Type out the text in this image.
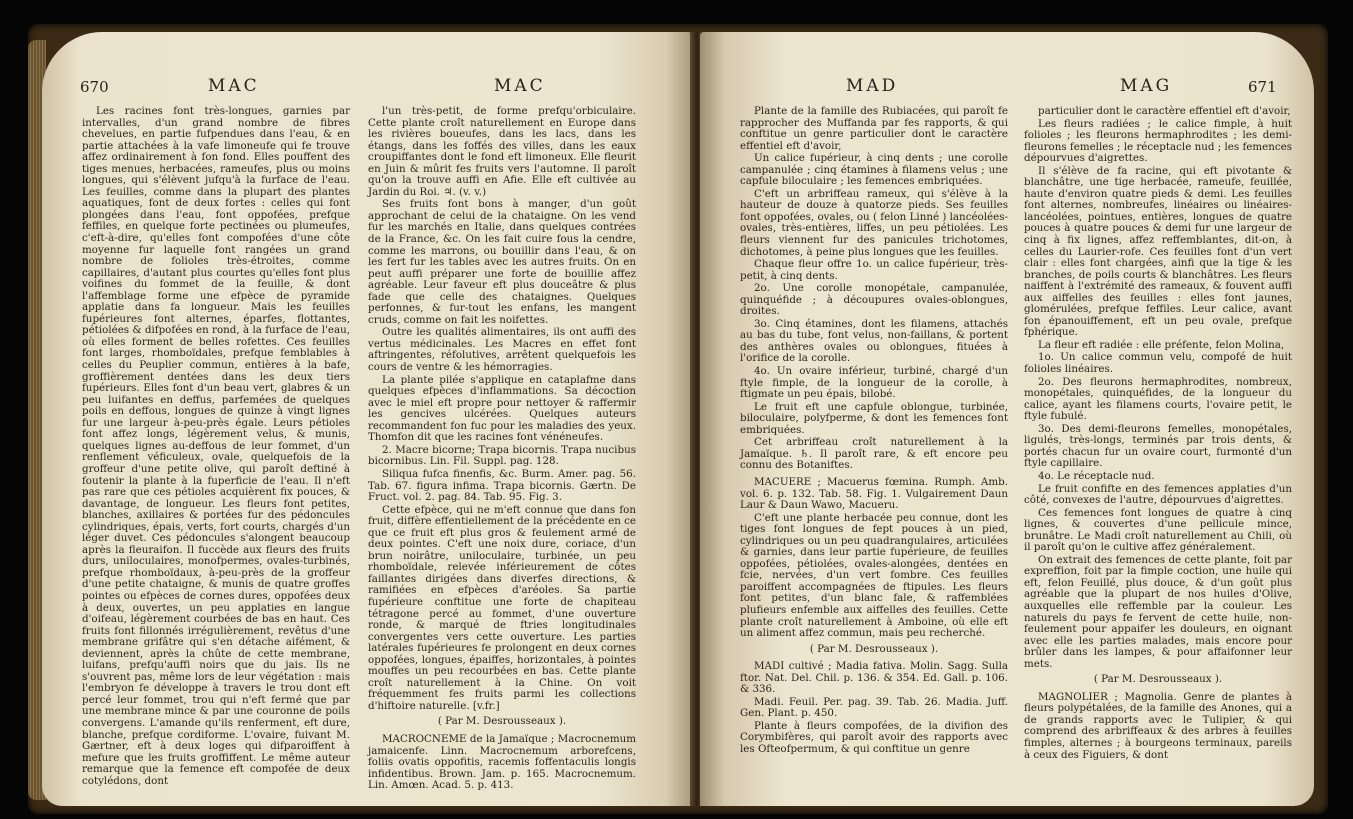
670	MAC	MAC

Les racines font très-longues, garnies par intervalles, d'un grand nombre de fibres chevelues, en partie fufpendues dans l'eau, & en partie attachées à la vafe limoneufe qui fe trouve affez ordinairement à fon fond. Elles pouffent des tiges menues, herbacées, rameufes, plus ou moins longues, qui s'élèvent jufqu'à la furface de l'eau. Les feuilles, comme dans la plupart des plantes aquatiques, font de deux fortes : celles qui font plongées dans l'eau, font oppofées, prefque feffiles, en quelque forte pectinées ou plumeufes, c'eft-à-dire, qu'elles font compofées d'une côte moyenne fur laquelle font rangées un grand nombre de folioles très-étroites, comme capillaires, d'autant plus courtes qu'elles font plus voifines du fommet de la feuille, & dont l'affemblage forme une efpèce de pyramide applatie dans fa longueur. Mais les feuilles fupérieures font alternes, éparfes, flottantes, pétiolées & difpofées en rond, à la furface de l'eau, où elles forment de belles rofettes. Ces feuilles font larges, rhomboïdales, prefque femblables à celles du Peuplier commun, entières à la bafe, groffièrement dentées dans les deux tiers fupérieurs. Elles font d'un beau vert, glabres & un peu luifantes en deffus, parfemées de quelques poils en deffous, longues de quinze à vingt lignes fur une largeur à-peu-près égale. Leurs pétioles font affez longs, légèrement velus, & munis, quelques lignes au-deffous de leur fommet, d'un renflement véficuleux, ovale, quelquefois de la groffeur d'une petite olive, qui paroît deftiné à foutenir la plante à la fuperficie de l'eau. Il n'eft pas rare que ces pétioles acquièrent fix pouces, & davantage, de longueur. Les fleurs font petites, blanches, axillaires & portées fur des pédoncules cylindriques, épais, verts, fort courts, chargés d'un léger duvet. Ces pédoncules s'alongent beaucoup après la fleuraifon. Il fuccède aux fleurs des fruits durs, uniloculaires, monofpermes, ovales-turbinés, prefque rhomboïdaux, à-peu-près de la groffeur d'une petite chataigne, & munis de quatre groffes pointes ou efpèces de cornes dures, oppofées deux à deux, ouvertes, un peu applaties en langue d'oifeau, légèrement courbées de bas en haut. Ces fruits font fillonnés irrégulièrement, revêtus d'une membrane grifâtre qui s'en détache aifément, & deviennent, après la chûte de cette membrane, luifans, prefqu'auffi noirs que du jais. Ils ne s'ouvrent pas, même lors de leur végétation : mais l'embryon fe développe à travers le trou dont eft percé leur fommet, trou qui n'eft fermé que par une membrane mince & par une couronne de poils convergens. L'amande qu'ils renferment, eft dure, blanche, prefque cordiforme. L'ovaire, fuivant M. Gærtner, eft à deux loges qui difparoiffent à mefure que les fruits groffiffent. Le même auteur remarque que la femence eft compofée de deux cotylédons, dont

l'un très-petit, de forme prefqu'orbiculaire. Cette plante croît naturellement en Europe dans les rivières boueufes, dans les lacs, dans les étangs, dans les foffés des villes, dans les eaux croupiffantes dont le fond eft limoneux. Elle fleurit en Juin & mûrit fes fruits vers l'automne. Il paroît qu'on la trouve auffi en Afie. Elle eft cultivée au Jardin du Roi. ♃. (v. v.)

Ses fruits font bons à manger, d'un goût approchant de celui de la chataigne. On les vend fur les marchés en Italie, dans quelques contrées de la France, &c. On les fait cuire fous la cendre, comme les marrons, ou bouillir dans l'eau, & on les fert fur les tables avec les autres fruits. On en peut auffi préparer une forte de bouillie affez agréable. Leur faveur eft plus douceâtre & plus fade que celle des chataignes. Quelques perfonnes, & fur-tout les enfans, les mangent cruds, comme on fait les noifettes.

Outre les qualités alimentaires, ils ont auffi des vertus médicinales. Les Macres en effet font aftringentes, réfolutives, arrêtent quelquefois les cours de ventre & les hémorragies.

La plante pilée s'applique en cataplafme dans quelques efpèces d'inflammations. Sa décoction avec le miel eft propre pour nettoyer & raffermir les gencives ulcérées. Quelques auteurs recommandent fon fuc pour les maladies des yeux. Thomfon dit que les racines font vénéneufes.

2. Macre bicorne; Trapa bicornis. Trapa nucibus bicornibus. Lin. Fil. Suppl. pag. 128.

Siliqua fufca finenfis, &c. Burm. Amer. pag. 56. Tab. 67. figura infima. Trapa bicornis. Gærtn. De Fruct. vol. 2. pag. 84. Tab. 95. Fig. 3.

Cette efpèce, qui ne m'eft connue que dans fon fruit, diffère effentiellement de la précédente en ce que ce fruit eft plus gros & feulement armé de deux pointes. C'eft une noix dure, coriace, d'un brun noirâtre, uniloculaire, turbinée, un peu rhomboïdale, relevée inférieurement de côtes faillantes dirigées dans diverfes directions, & ramifiées en efpèces d'aréoles. Sa partie fupérieure conftitue une forte de chapiteau tétragone percé au fommet, d'une ouverture ronde, & marqué de ftries longitudinales convergentes vers cette ouverture. Les parties latérales fupérieures fe prolongent en deux cornes oppofées, longues, épaiffes, horizontales, à pointes mouffes un peu recourbées en bas. Cette plante croît naturellement à la Chine. On voit fréquemment fes fruits parmi les collections d'hiftoire naturelle. [v.fr.]

( Par M. Desrousseaux ).

MACROCNEME de la Jamaïque ; Macrocnemum jamaicenfe. Linn. Macrocnemum arborefcens, foliis ovatis oppofitis, racemis foffentaculis longis infidentibus. Brown. Jam. p. 165. Macrocnemum. Lin. Amœn. Acad. 5. p. 413.

MAD	MAG	671

Plante de la famille des Rubiacées, qui paroît fe rapprocher des Muffanda par fes rapports, & qui conftitue un genre particulier dont le caractère effentiel eft d'avoir,

Un calice fupérieur, à cinq dents ; une corolle campanulée ; cinq étamines à filamens velus ; une capfule biloculaire ; les femences embriquées.

C'eft un arbriffeau rameux, qui s'élève à la hauteur de douze à quatorze pieds. Ses feuilles font oppofées, ovales, ou ( felon Linné ) lancéolées-ovales, très-entières, liffes, un peu pétiolées. Les fleurs viennent fur des panicules trichotomes, dichotomes, à peine plus longues que les feuilles.

Chaque fleur offre 1o. un calice fupérieur, très-petit, à cinq dents.

2o. Une corolle monopétale, campanulée, quinquéfide ; à découpures ovales-oblongues, droites.

3o. Cinq étamines, dont les filamens, attachés au bas du tube, font velus, non-faillans, & portent des anthères ovales ou oblongues, fituées à l'orifice de la corolle.

4o. Un ovaire inférieur, turbiné, chargé d'un ftyle fimple, de la longueur de la corolle, à ftigmate un peu épais, bilobé.

Le fruit eft une capfule oblongue, turbinée, biloculaire, polyfperme, & dont les femences font embriquées.

Cet arbriffeau croît naturellement à la Jamaïque. ♄. Il paroît rare, & eft encore peu connu des Botaniftes.

MACUERE ; Macuerus fœmina. Rumph. Amb. vol. 6. p. 132. Tab. 58. Fig. 1. Vulgairement Daun Laur & Daun Wawo, Macueru.

C'eft une plante herbacée peu connue, dont les tiges font longues de fept pouces à un pied, cylindriques ou un peu quadrangulaires, articulées & garnies, dans leur partie fupérieure, de feuilles oppofées, pétiolées, ovales-alongées, dentées en fcie, nervées, d'un vert fombre. Ces feuilles paroiffent accompagnées de ftipules. Les fleurs font petites, d'un blanc fale, & raffemblées plufieurs enfemble aux aiffelles des feuilles. Cette plante croît naturellement à Amboine, où elle eft un aliment affez commun, mais peu recherché.

( Par M. Desrousseaux ).

MADI cultivé ; Madia fativa. Molin. Sagg. Sulla ftor. Nat. Del. Chil. p. 136. & 354. Ed. Gall. p. 106. & 336.

Madi. Feuil. Per. pag. 39. Tab. 26. Madia. Juff. Gen. Plant. p. 450.

Plante à fleurs compofées, de la divifion des Corymbifères, qui paroît avoir des rapports avec les Ofteofpermum, & qui conftitue un genre

particulier dont le caractère effentiel eft d'avoir,

Les fleurs radiées ; le calice fimple, à huit folioles ; les fleurons hermaphrodites ; les demi-fleurons femelles ; le réceptacle nud ; les femences dépourvues d'aigrettes.

Il s'élève de fa racine, qui eft pivotante & blanchâtre, une tige herbacée, rameufe, feuillée, haute d'environ quatre pieds & demi. Les feuilles font alternes, nombreufes, linéaires ou linéaires-lancéolées, pointues, entières, longues de quatre pouces à quatre pouces & demi fur une largeur de cinq à fix lignes, affez reffemblantes, dit-on, à celles du Laurier-rofe. Ces feuilles font d'un vert clair : elles font chargées, ainfi que la tige & les branches, de poils courts & blanchâtres. Les fleurs naiffent à l'extrémité des rameaux, & fouvent auffi aux aiffelles des feuilles : elles font jaunes, glomérulées, prefque feffiles. Leur calice, avant fon épanouiffement, eft un peu ovale, prefque fphérique.

La fleur eft radiée : elle préfente, felon Molina,

1o. Un calice commun velu, compofé de huit folioles linéaires.

2o. Des fleurons hermaphrodites, nombreux, monopétales, quinquéfides, de la longueur du calice, ayant les filamens courts, l'ovaire petit, le ftyle fubulé.

3o. Des demi-fleurons femelles, monopétales, ligulés, très-longs, terminés par trois dents, & portés chacun fur un ovaire court, furmonté d'un ftyle capillaire.

4o. Le réceptacle nud.

Le fruit confifte en des femences applaties d'un côté, convexes de l'autre, dépourvues d'aigrettes.

Ces femences font longues de quatre à cinq lignes, & couvertes d'une pellicule mince, brunâtre. Le Madi croît naturellement au Chili, où il paroît qu'on le cultive affez généralement.

On extrait des femences de cette plante, foit par expreffion, foit par la fimple coction, une huile qui eft, felon Feuillé, plus douce, & d'un goût plus agréable que la plupart de nos huiles d'Olive, auxquelles elle reffemble par la couleur. Les naturels du pays fe fervent de cette huile, non-feulement pour appaifer les douleurs, en oignant avec elle les parties malades, mais encore pour brûler dans les lampes, & pour affaifonner leur mets.

( Par M. Desrousseaux ).

MAGNOLIER ; Magnolia. Genre de plantes à fleurs polypétalées, de la famille des Anones, qui a de grands rapports avec le Tulipier, & qui comprend des arbriffeaux & des arbres à feuilles fimples, alternes ; à bourgeons terminaux, pareils à ceux des Figuiers, & dont
